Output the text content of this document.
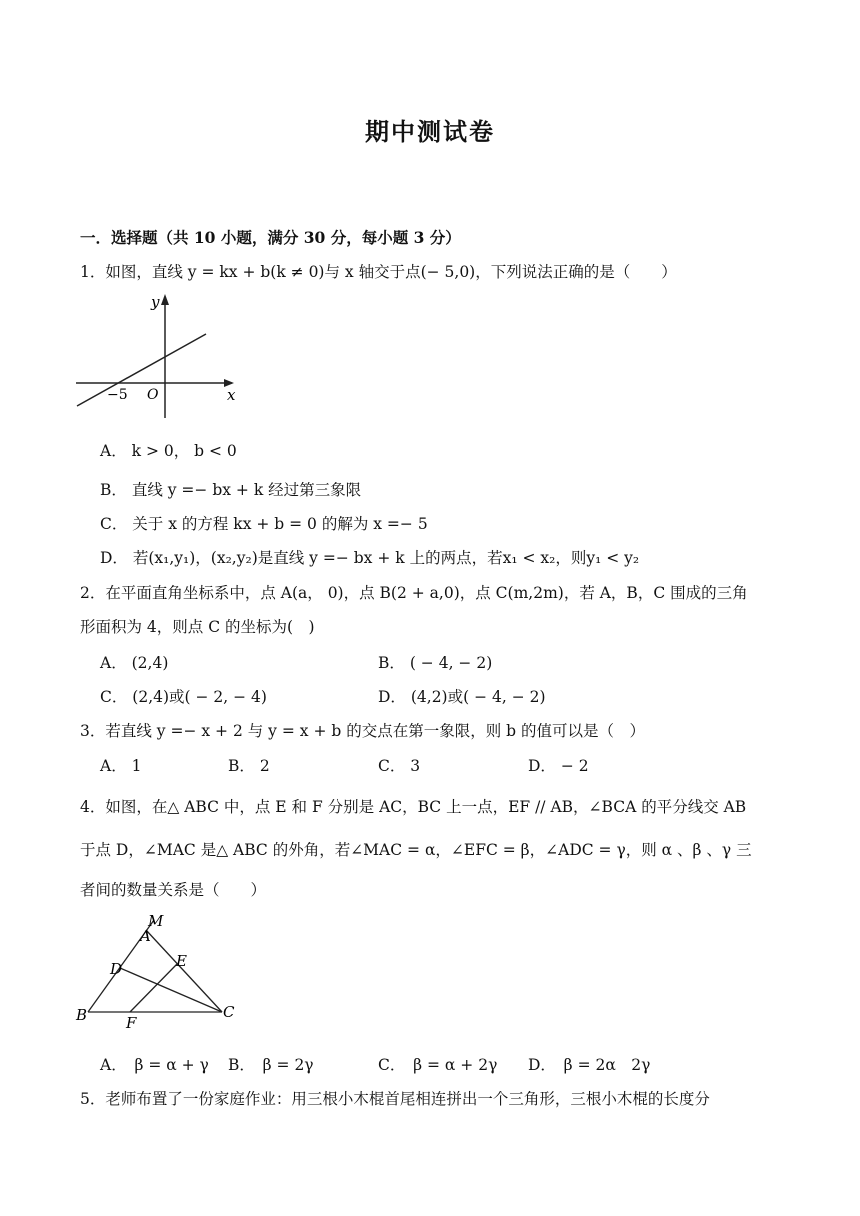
期中测试卷
一．选择题（共 10 小题，满分 30 分，每小题 3 分）
1．如图，直线 y = kx + b(k ≠ 0)与 x 轴交于点(− 5,0)，下列说法正确的是（　　）
y
x
O
−5
A． k > 0， b < 0
B． 直线 y =− bx + k 经过第三象限
C． 关于 x 的方程 kx + b = 0 的解为 x =− 5
D． 若(x₁,y₁)，(x₂,y₂)是直线 y =− bx + k 上的两点，若x₁ < x₂，则y₁ < y₂
2．在平面直角坐标系中，点 A(a， 0)，点 B(2 + a,0)，点 C(m,2m)，若 A，B，C 围成的三角
形面积为 4，则点 C 的坐标为(　)
A． (2,4)	B． ( − 4, − 2)
C． (2,4)或( − 2, − 4)	D． (4,2)或( − 4, − 2)
3．若直线 y =− x + 2 与 y = x + b 的交点在第一象限，则 b 的值可以是（　）
A． 1	B． 2	C． 3	D． − 2
4．如图，在△ ABC 中，点 E 和 F 分别是 AC，BC 上一点，EF // AB，∠BCA 的平分线交 AB
于点 D，∠MAC 是△ ABC 的外角，若∠MAC = α，∠EFC = β，∠ADC = γ，则 α 、β 、γ 三
者间的数量关系是（　　）
M
A
D	E
B	F
C
A．　β = α + γ B．　β = 2γ	C．　β = α + 2γ D．　β = 2α　2γ
5．老师布置了一份家庭作业：用三根小木棍首尾相连拼出一个三角形，三根小木棍的长度分
